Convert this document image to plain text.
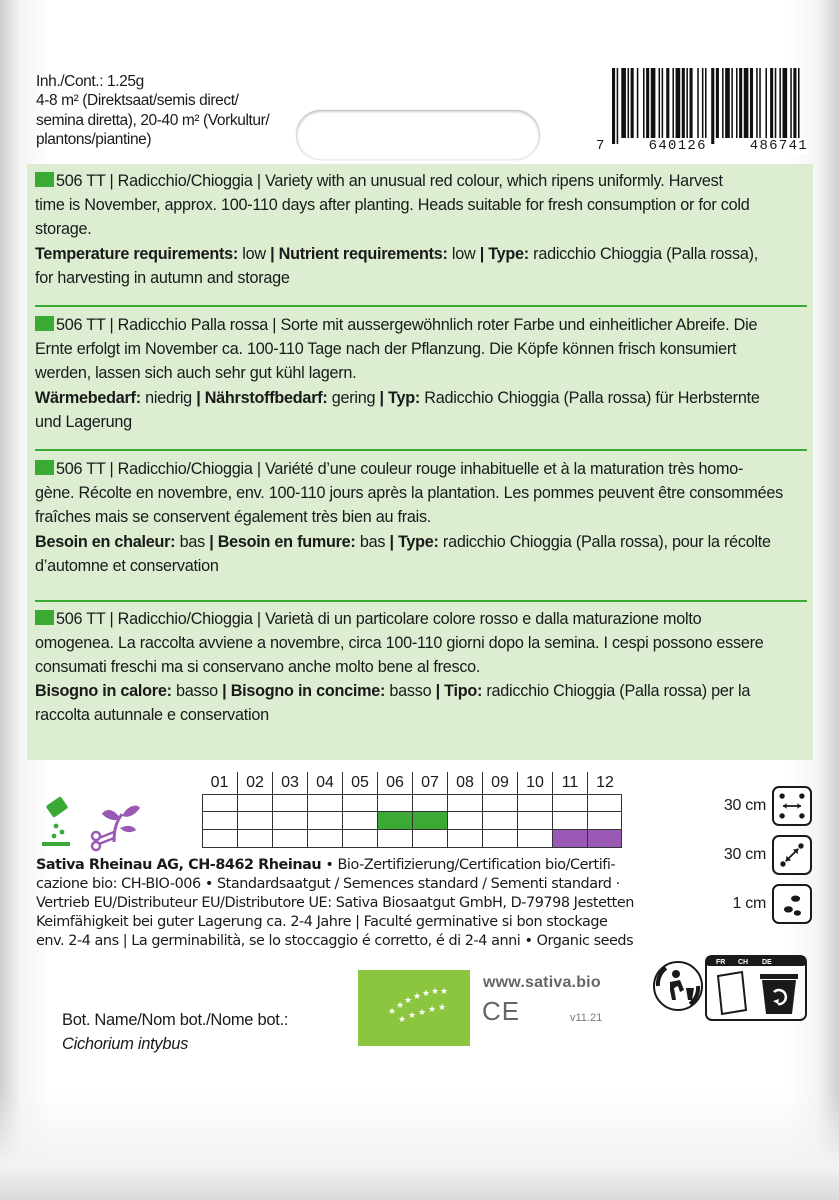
Inh./Cont.: 1.25g
4-8 m² (Direktsaat/semis direct/
semina diretta), 20-40 m² (Vorkultur/
plantons/piantine)	7	640126	486741

506 TT | Radicchio/Chioggia | Variety with an unusual red colour, which ripens uniformly. Harvest

time is November, approx. 100-110 days after planting. Heads suitable for fresh consumption or for cold

storage.

Temperature requirements: low | Nutrient requirements: low | Type: radicchio Chioggia (Palla rossa),

for harvesting in autumn and storage

506 TT | Radicchio Palla rossa | Sorte mit aussergewöhnlich roter Farbe und einheitlicher Abreife. Die

Ernte erfolgt im November ca. 100-110 Tage nach der Pflanzung. Die Köpfe können frisch konsumiert

werden, lassen sich auch sehr gut kühl lagern.

Wärmebedarf: niedrig | Nährstoffbedarf: gering | Typ: Radicchio Chioggia (Palla rossa) für Herbsternte

und Lagerung

506 TT | Radicchio/Chioggia | Variété d’une couleur rouge inhabituelle et à la maturation très homo-

gène. Récolte en novembre, env. 100-110 jours après la plantation. Les pommes peuvent être consommées

fraîches mais se conservent également très bien au frais.

Besoin en chaleur: bas | Besoin en fumure: bas | Type: radicchio Chioggia (Palla rossa), pour la récolte

d’automne et conservation

506 TT | Radicchio/Chioggia | Varietà di un particolare colore rosso e dalla maturazione molto

omogenea. La raccolta avviene a novembre, circa 100-110 giorni dopo la semina. I cespi possono essere

consumati freschi ma si conservano anche molto bene al fresco.

Bisogno in calore: basso | Bisogno in concime: basso | Tipo: radicchio Chioggia (Palla rossa) per la

raccolta autunnale e conservation

01	02	03	04	05	06	07	08	09	10	11	12
30 cm
30 cm
1 cm
Sativa Rheinau AG, CH-8462 Rheinau • Bio-Zertifizierung/Certification bio/Certifi-
cazione bio: CH-BIO-006 • Standardsaatgut / Semences standard / Sementi standard ·
Vertrieb EU/Distributeur EU/Distributore UE: Sativa Biosaatgut GmbH, D-79798 Jestetten
Keimfähigkeit bei guter Lagerung ca. 2-4 Jahre | Faculté germinative si bon stockage
env. 2-4 ans | La germinabilità, se lo stoccaggio é corretto, é di 2-4 anni • Organic seeds
Bot. Name/Nom bot./Nome bot.:
Cichorium intybus
★
★ ★ ★ ★ ★ ★
★ ★ ★ ★ ★
www.sativa.bio
CE	v11.21
FR CH DE
